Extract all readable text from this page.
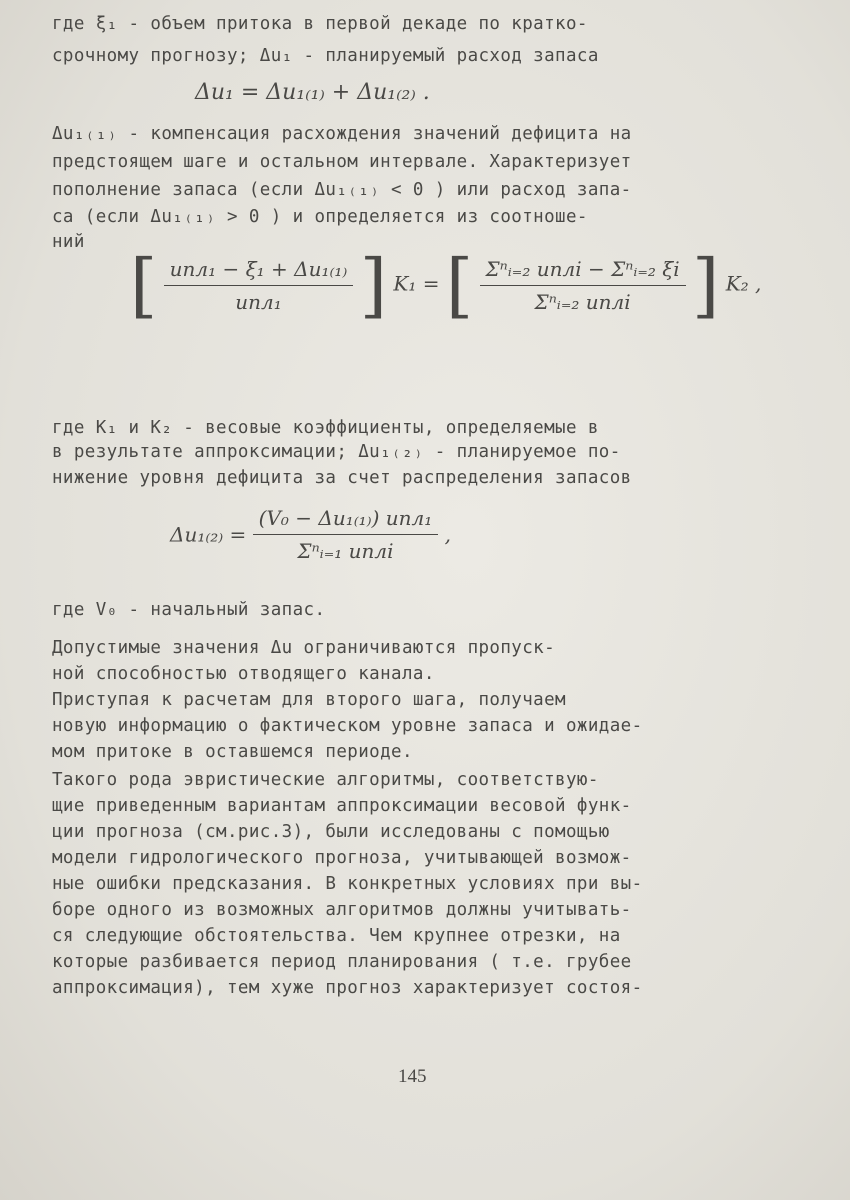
где ξ₁ - объем притока в первой декаде по кратко-
срочному прогнозу; Δu₁ - планируемый расход запаса
Δu₁ = Δu₁₍₁₎ + Δu₁₍₂₎ .
Δu₁₍₁₎ - компенсация расхождения значений дефицита на
предстоящем шаге и остальном интервале. Характеризует
пополнение запаса (если Δu₁₍₁₎ < 0 ) или расход запа-
са (если Δu₁₍₁₎ > 0 ) и определяется из соотноше-
ний
[ $\frac{\text{uпл₁ − ξ₁ + Δu₁₍₁₎}}{\text{uпл₁}}$ ] K₁ = [ $\frac{\text{Σⁿᵢ₌₂ uплi − Σⁿᵢ₌₂ ξi}}{\text{Σⁿᵢ₌₂ uплi}}$ ] K₂ ,
где K₁ и K₂ - весовые коэффициенты, определяемые в
в результате аппроксимации; Δu₁₍₂₎ - планируемое по-
нижение уровня дефицита за счет распределения запасов
$\Delta u_{1(2)} = \frac{\text{(V₀ − Δu₁₍₁₎) uпл₁}}{\text{Σⁿᵢ₌₁ uплi}}$ ,
где V₀ - начальный запас.
Допустимые значения Δu ограничиваются пропуск-
ной способностью отводящего канала.
Приступая к расчетам для второго шага, получаем
новую информацию о фактическом уровне запаса и ожидае-
мом притоке в оставшемся периоде.
Такого рода эвристические алгоритмы, соответствую-
щие приведенным вариантам аппроксимации весовой функ-
ции прогноза (см.рис.3), были исследованы с помощью
модели гидрологического прогноза, учитывающей возмож-
ные ошибки предсказания. В конкретных условиях при вы-
боре одного из возможных алгоритмов должны учитывать-
ся следующие обстоятельства. Чем крупнее отрезки, на
которые разбивается период планирования ( т.е. грубее
аппроксимация), тем хуже прогноз характеризует состоя-
145
